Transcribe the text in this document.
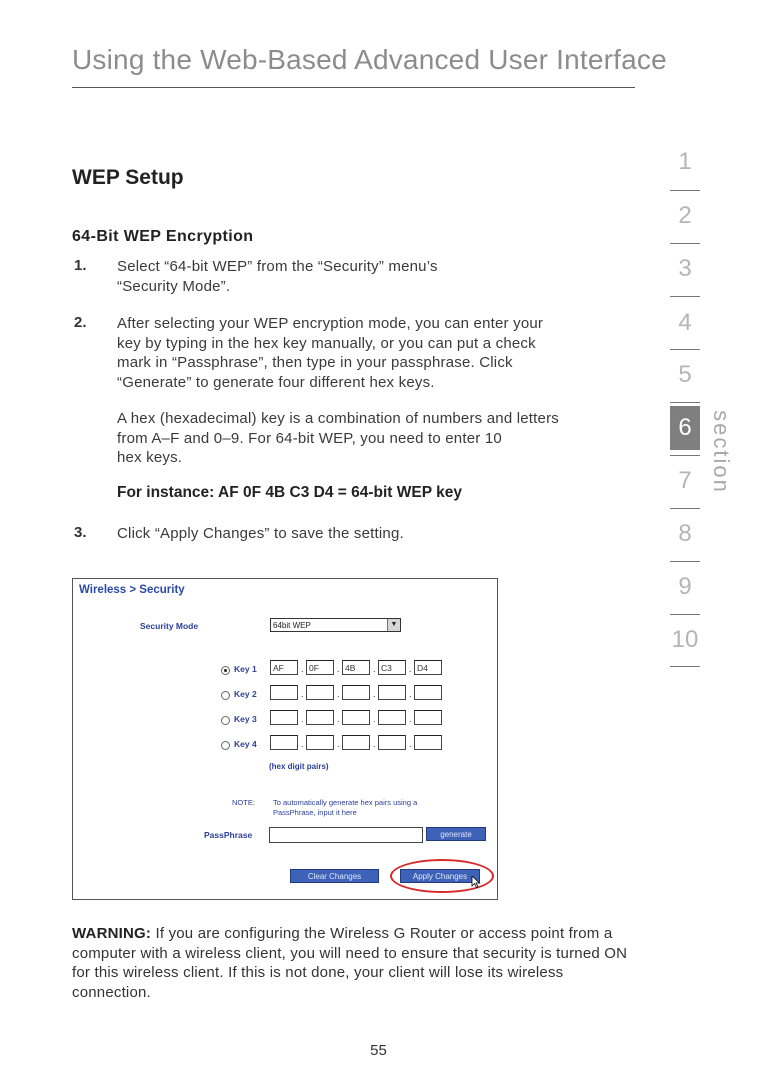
Using the Web-Based Advanced User Interface
WEP Setup
64-Bit WEP Encryption
1. Select “64-bit WEP” from the “Security” menu’s
“Security Mode”.
2. After selecting your WEP encryption mode, you can enter your
key by typing in the hex key manually, or you can put a check
mark in “Passphrase”, then type in your passphrase. Click
“Generate” to generate four different hex keys.
A hex (hexadecimal) key is a combination of numbers and letters
from A–F and 0–9. For 64-bit WEP, you need to enter 10
hex keys.
For instance: AF 0F 4B C3 D4 = 64-bit WEP key
3. Click “Apply Changes” to save the setting.
Wireless > Security
Security Mode	64bit WEP	▼
Key 1	AF	. 0F	. 4B	. C3	. D4
Key 2	.	.	.	.
Key 3	.	.	.	.
Key 4	.	.	.	.
(hex digit pairs)
NOTE: To automatically generate hex pairs using a
PassPhrase, input it here
PassPhrase	generate
Clear Changes	Apply Changes
WARNING: If you are configuring the Wireless G Router or access point from a computer with a wireless client, you will need to ensure that security is turned ON for this wireless client. If this is not done, your client will lose its wireless connection.
55
1
2
3
4
5
6
7
8
9
10
section
